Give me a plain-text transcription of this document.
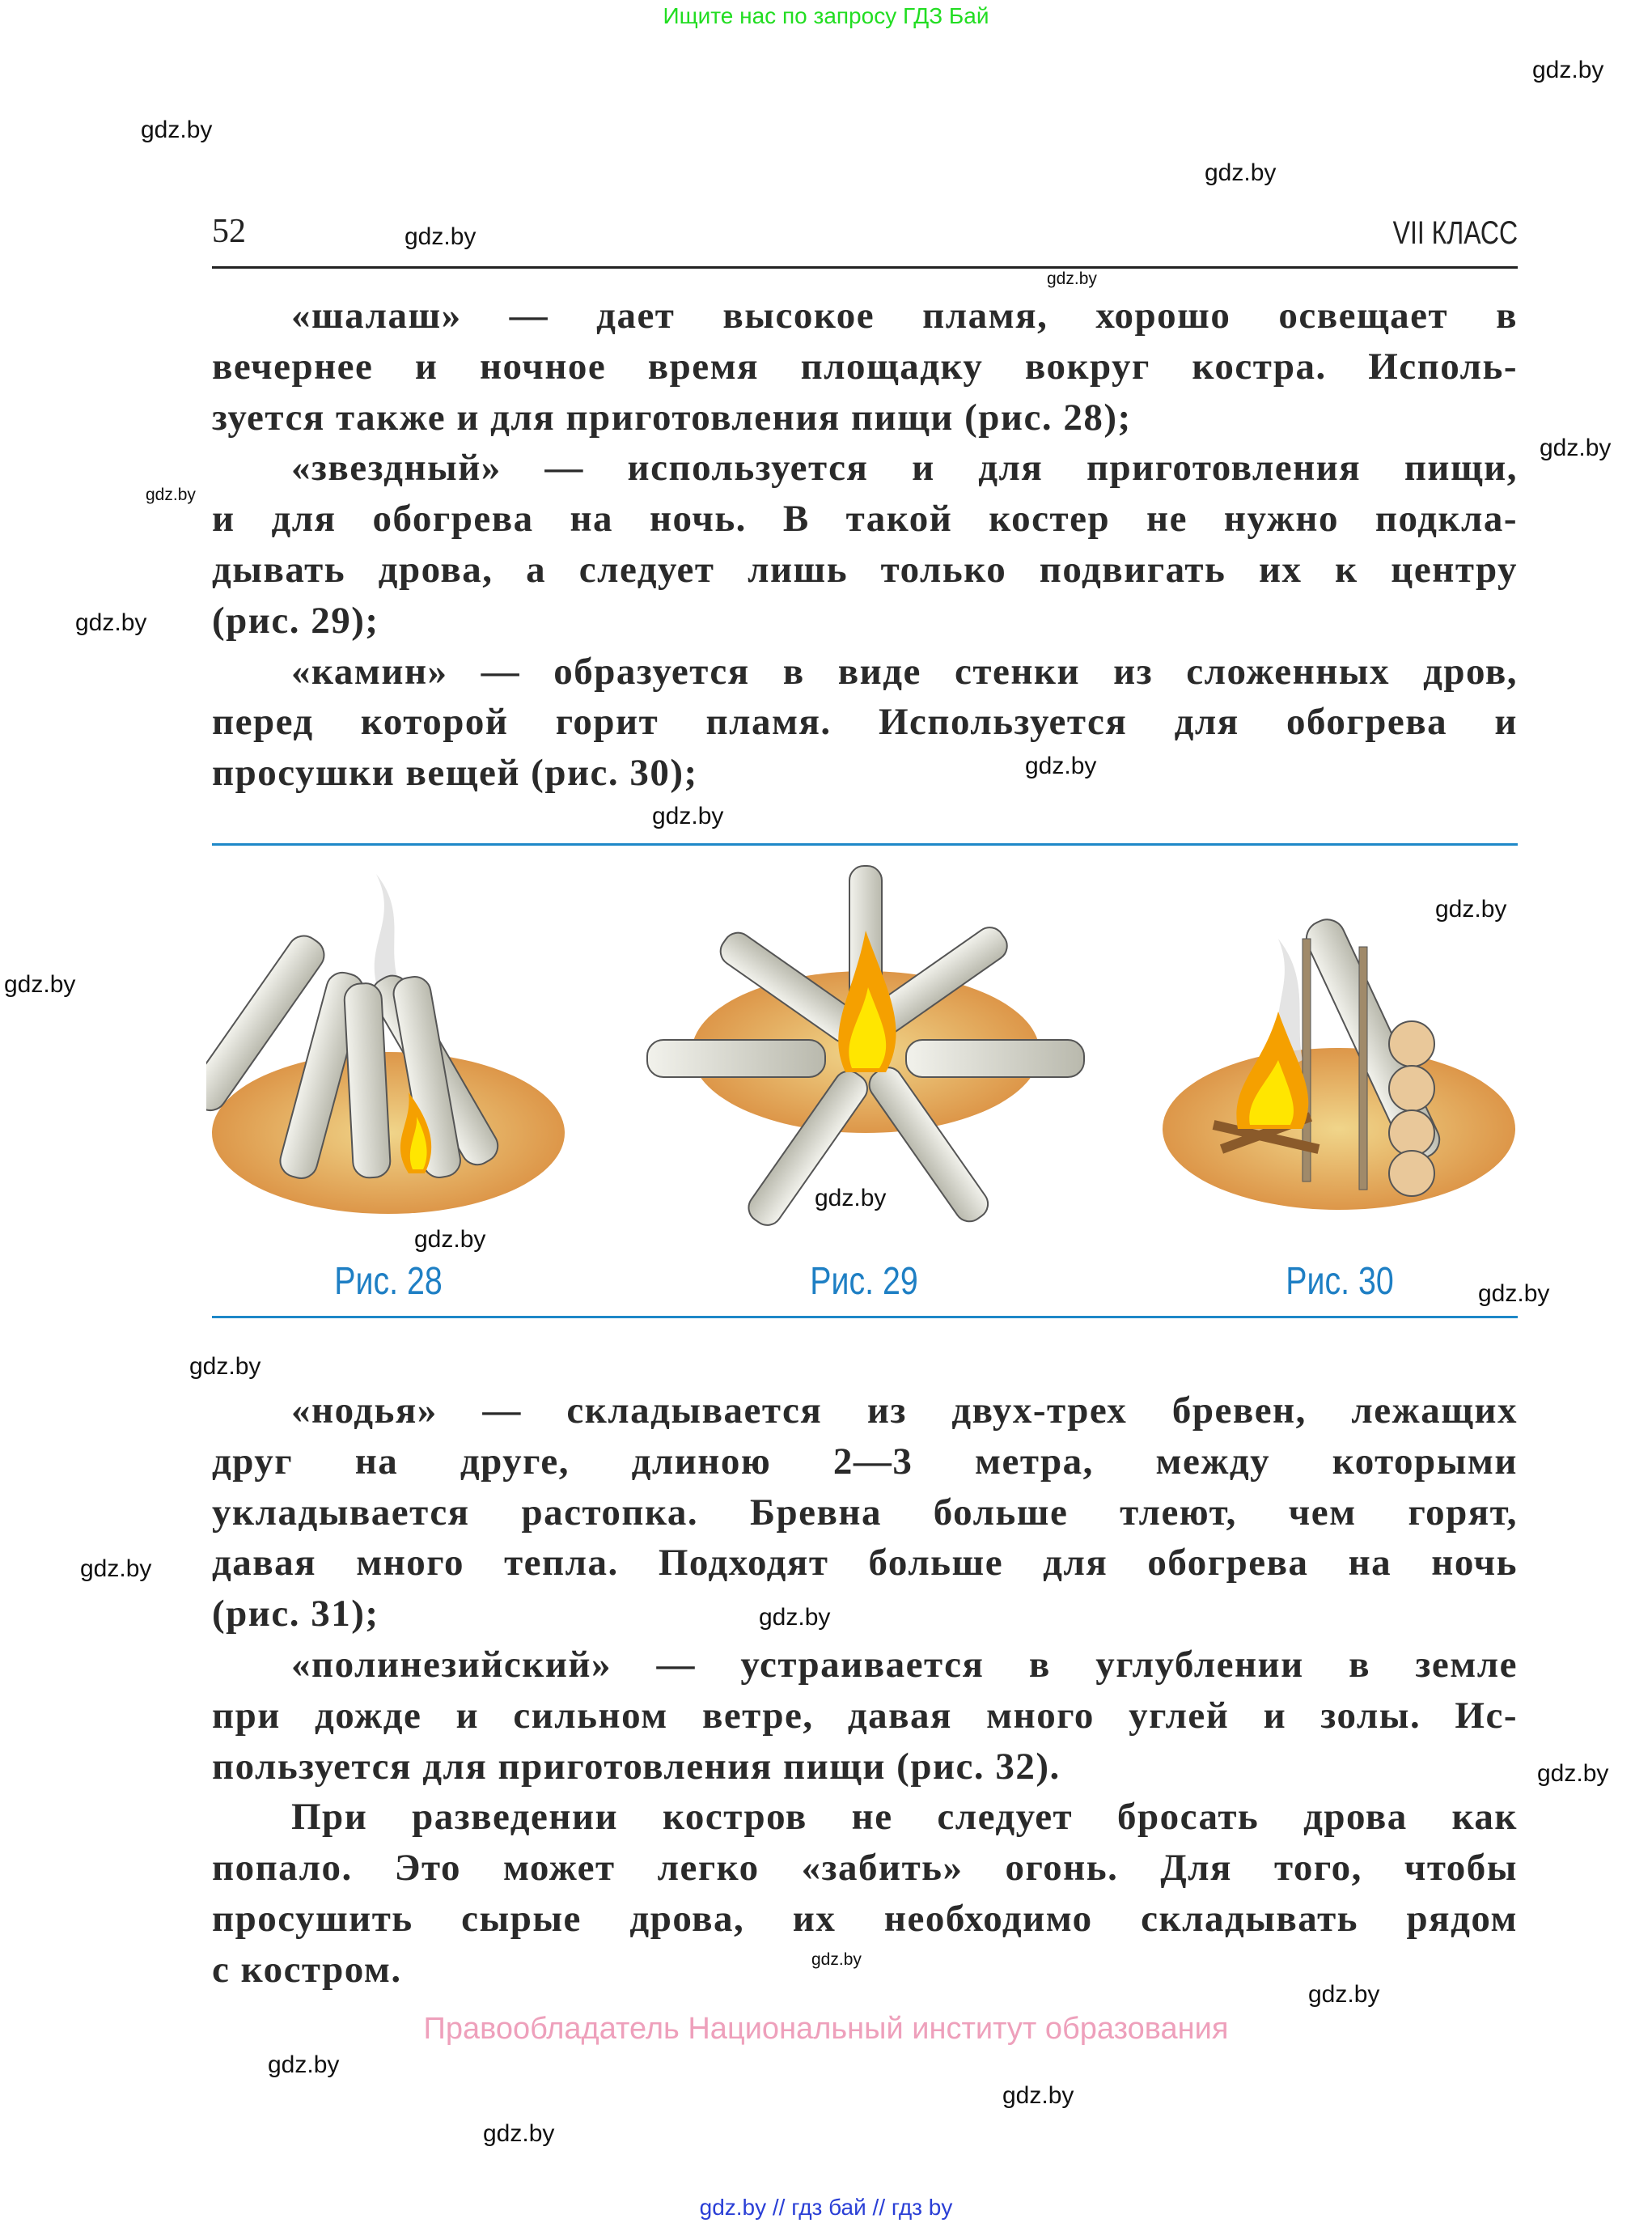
Ищите нас по запросу ГДЗ Бай
52	VII КЛАСС
«шалаш» — дает высокое пламя, хорошо освещает в
вечернее и ночное время площадку вокруг костра. Исполь-
зуется также и для приготовления пищи (рис. 28);
«звездный» — используется и для приготовления пищи,
и для обогрева на ночь. В такой костер не нужно подкла-
дывать дрова, а следует лишь только подвигать их к центру
(рис. 29);
«камин» — образуется в виде стенки из сложенных дров,
перед которой горит пламя. Используется для обогрева и
просушки вещей (рис. 30);
Рис. 28	Рис. 29	Рис. 30
«нодья» — складывается из двух-трех бревен, лежащих
друг на друге, длиною 2—3 метра, между которыми
укладывается растопка. Бревна больше тлеют, чем горят,
давая много тепла. Подходят больше для обогрева на ночь
(рис. 31);
«полинезийский» — устраивается в углублении в земле
при дожде и сильном ветре, давая много углей и золы. Ис-
пользуется для приготовления пищи (рис. 32).
При разведении костров не следует бросать дрова как
попало. Это может легко «забить» огонь. Для того, чтобы
просушить сырые дрова, их необходимо складывать рядом
с костром.
Правообладатель Национальный институт образования
gdz.by // гдз бай // гдз by
gdz.by
gdz.by
gdz.by
gdz.by
gdz.by
gdz.by
gdz.by
gdz.by
gdz.by
gdz.by
gdz.by
gdz.by
gdz.by
gdz.by
gdz.by
gdz.by
gdz.by
gdz.by
gdz.by
gdz.by
gdz.by
gdz.by
gdz.by
gdz.by
